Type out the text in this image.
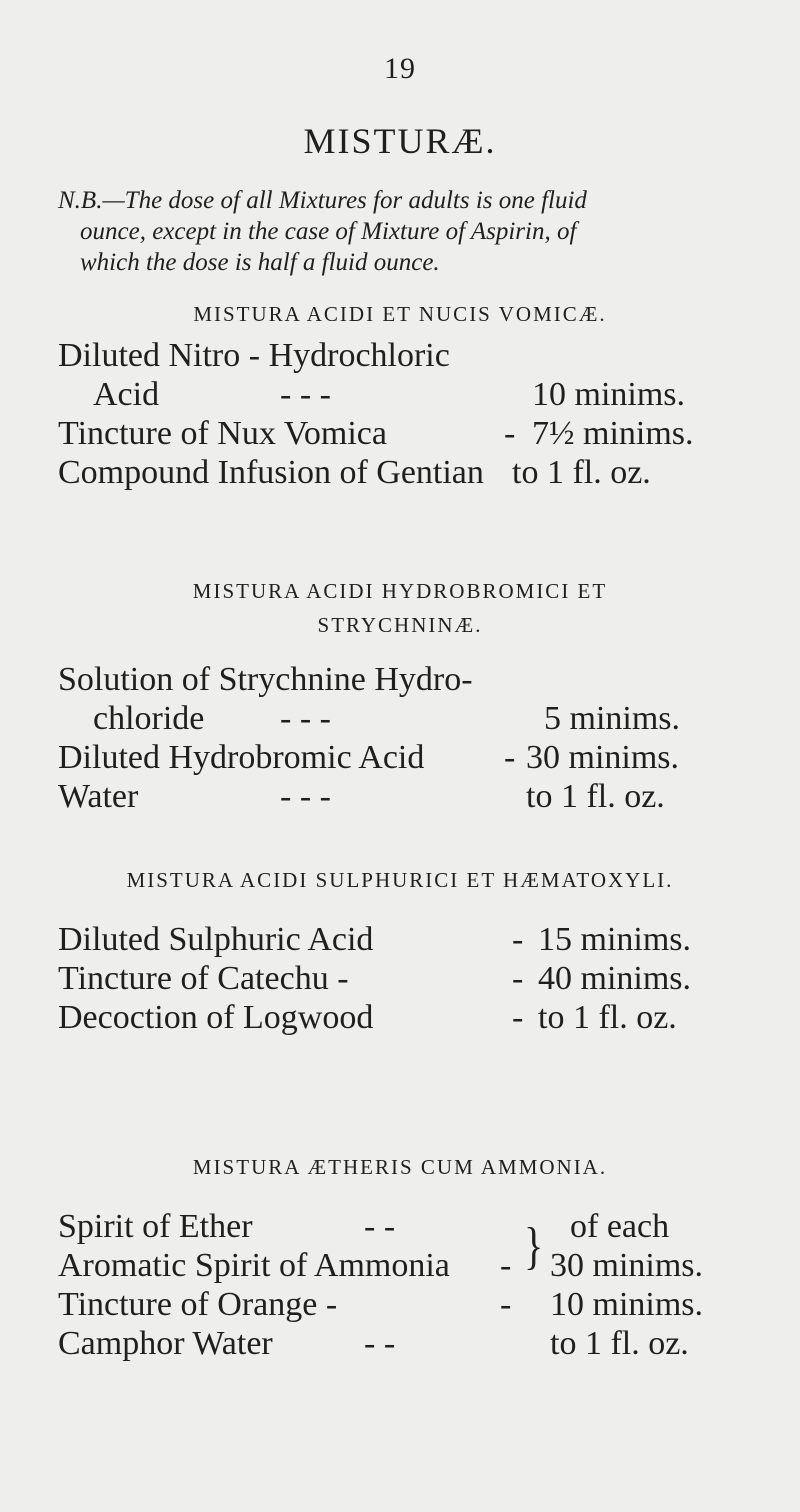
19
MISTURÆ.

N.B.—The dose of all Mixtures for adults is one fluid

ounce, except in the case of Mixture of Aspirin, of

which the dose is half a fluid ounce.

MISTURA ACIDI ET NUCIS VOMICÆ.
Diluted Nitro - Hydrochloric
Acid	- - -	10 minims.
Tincture of Nux Vomica	- 7½ minims.
Compound Infusion of Gentian to 1 fl. oz.
MISTURA ACIDI HYDROBROMICI ET
STRYCHNINÆ.
Solution of Strychnine Hydro-
chloride - - -	5 minims.
Diluted Hydrobromic Acid - 30 minims.
Water	- - -	to 1 fl. oz.
MISTURA ACIDI SULPHURICI ET HÆMATOXYLI.
Diluted Sulphuric Acid	- 15 minims.
Tincture of Catechu -	- 40 minims.
Decoction of Logwood	- to 1 fl. oz.
MISTURA ÆTHERIS CUM AMMONIA.
}
Spirit of Ether	- -	of each
Aromatic Spirit of Ammonia - 30 minims.
Tincture of Orange -	- 10 minims.
Camphor Water	- -	to 1 fl. oz.
